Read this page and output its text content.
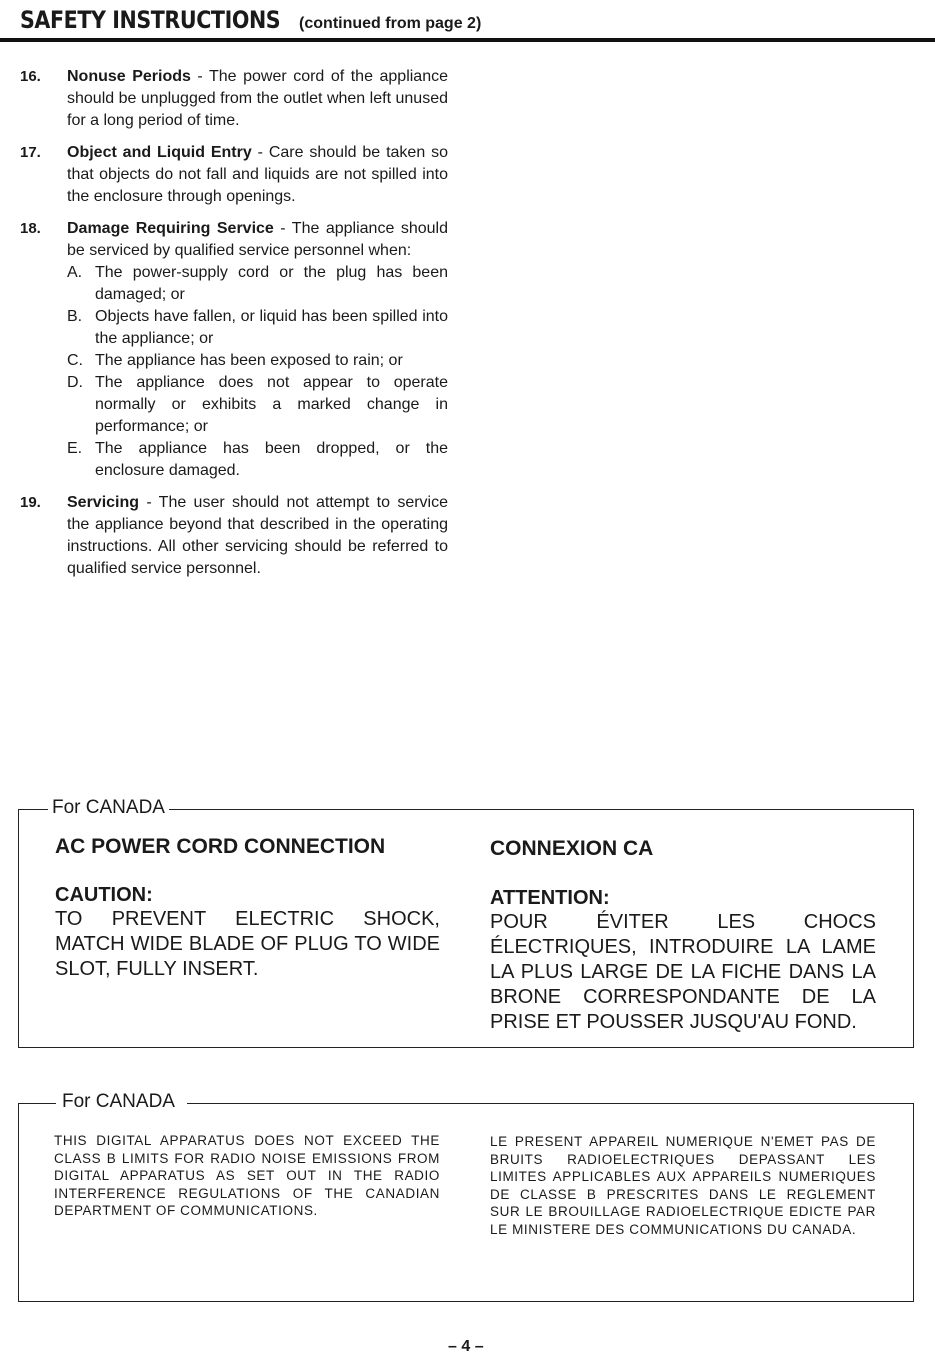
SAFETY INSTRUCTIONS (continued from page 2)
16. Nonuse Periods - The power cord of the appliance should be unplugged from the outlet when left unused for a long period of time.
17. Object and Liquid Entry - Care should be taken so that objects do not fall and liquids are not spilled into the enclosure through openings.
18. Damage Requiring Service - The appliance should be serviced by qualified service personnel when:
A. The power-supply cord or the plug has been damaged; or
B. Objects have fallen, or liquid has been spilled into the appliance; or
C. The appliance has been exposed to rain; or
D. The appliance does not appear to operate normally or exhibits a marked change in performance; or
E. The appliance has been dropped, or the enclosure damaged.
19. Servicing - The user should not attempt to service the appliance beyond that described in the operating instructions. All other servicing should be referred to qualified service personnel.
For CANADA
AC POWER CORD CONNECTION
CAUTION:
TO PREVENT ELECTRIC SHOCK, MATCH WIDE BLADE OF PLUG TO WIDE SLOT, FULLY INSERT.
CONNEXION CA
ATTENTION:
POUR ÉVITER LES CHOCS ÉLECTRIQUES, INTRODUIRE LA LAME LA PLUS LARGE DE LA FICHE DANS LA BRONE CORRESPONDANTE DE LA PRISE ET POUSSER JUSQU'AU FOND.
For CANADA
THIS DIGITAL APPARATUS DOES NOT EXCEED THE CLASS B LIMITS FOR RADIO NOISE EMISSIONS FROM DIGITAL APPARATUS AS SET OUT IN THE RADIO INTERFERENCE REGULATIONS OF THE CANADIAN DEPARTMENT OF COMMUNICATIONS.
LE PRESENT APPAREIL NUMERIQUE N'EMET PAS DE BRUITS RADIOELECTRIQUES DEPASSANT LES LIMITES APPLICABLES AUX APPAREILS NUMERIQUES DE CLASSE B PRESCRITES DANS LE REGLEMENT SUR LE BROUILLAGE RADIOELECTRIQUE EDICTE PAR LE MINISTERE DES COMMUNICATIONS DU CANADA.
– 4 –
